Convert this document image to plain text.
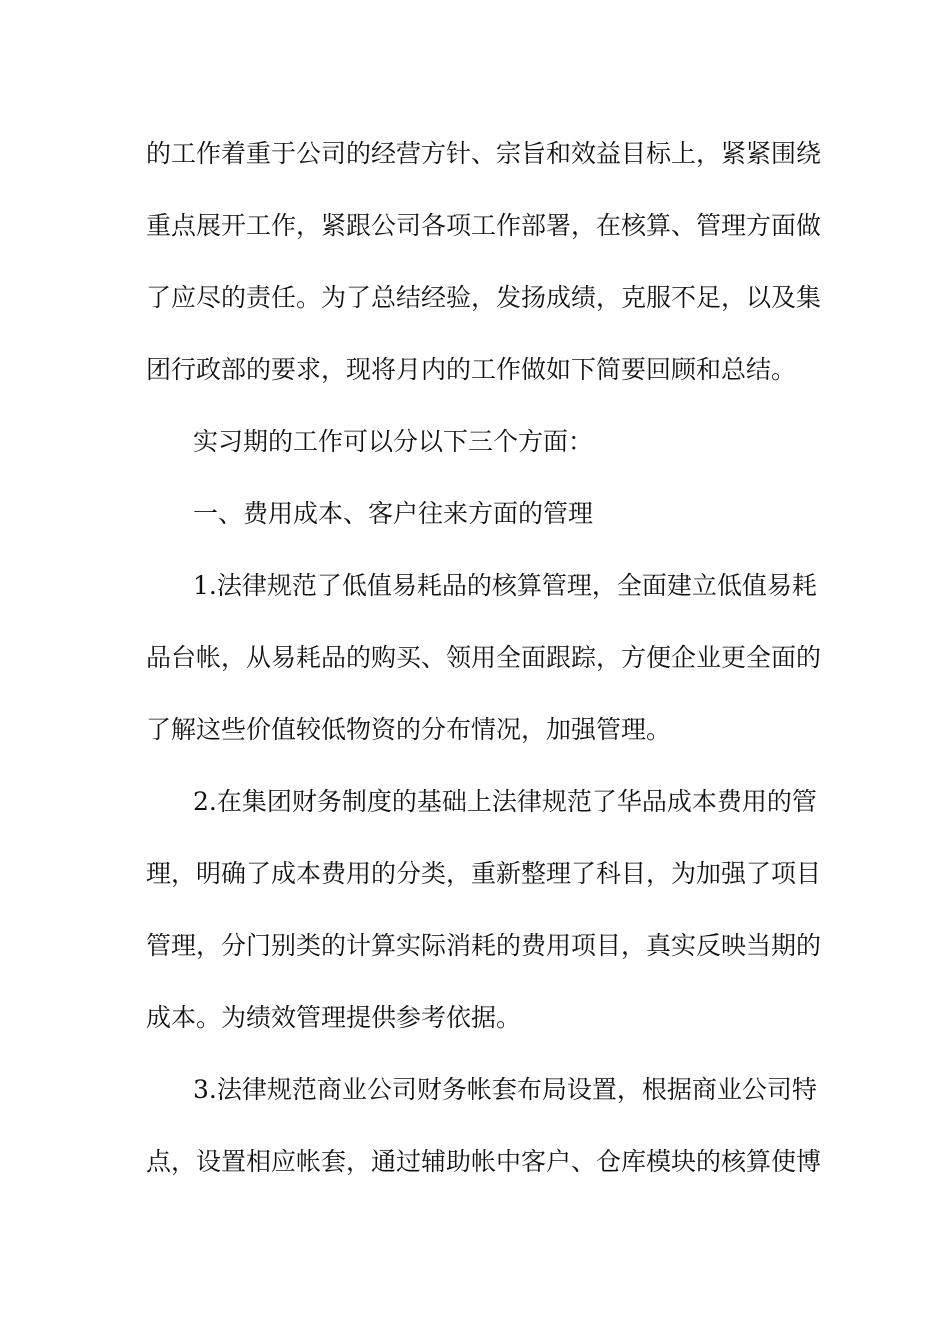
的工作着重于公司的经营方针、宗旨和效益目标上，紧紧围绕
重点展开工作，紧跟公司各项工作部署，在核算、管理方面做
了应尽的责任。为了总结经验，发扬成绩，克服不足，以及集
团行政部的要求，现将月内的工作做如下简要回顾和总结。
实习期的工作可以分以下三个方面：
一、费用成本、客户往来方面的管理
1.法律规范了低值易耗品的核算管理，全面建立低值易耗
品台帐，从易耗品的购买、领用全面跟踪，方便企业更全面的
了解这些价值较低物资的分布情况，加强管理。
2.在集团财务制度的基础上法律规范了华品成本费用的管
理，明确了成本费用的分类，重新整理了科目，为加强了项目
管理，分门别类的计算实际消耗的费用项目，真实反映当期的
成本。为绩效管理提供参考依据。
3.法律规范商业公司财务帐套布局设置，根据商业公司特
点，设置相应帐套，通过辅助帐中客户、仓库模块的核算使博
